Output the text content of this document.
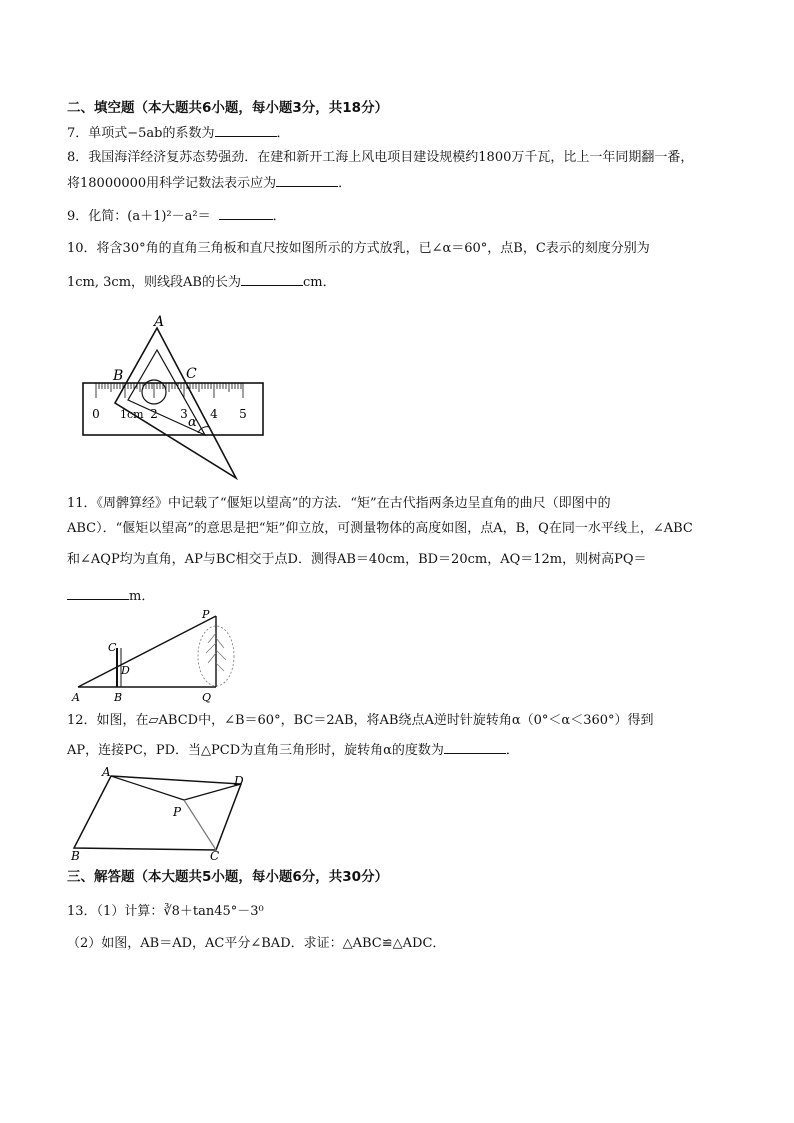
二、填空题（本大题共6小题，每小题3分，共18分）
7．单项式−5ab的系数为	．
8．我国海洋经济复苏态势强劲．在建和新开工海上风电项目建设规模约1800万千瓦，比上一年同期翻一番，
将18000000用科学记数法表示应为	．
9．化简：(a＋1)²－a²＝	．
10．将含30°角的直角三角板和直尺按如图所示的方式放乳，已∠α＝60°，点B，C表示的刻度分别为
1cm, 3cm，则线段AB的长为	cm．
0	2 3 4 5
1cm
A
B	C
α
11．《周髀算经》中记载了“偃矩以望高”的方法．“矩”在古代指两条边呈直角的曲尺（即图中的
ABC）．“偃矩以望高”的意思是把“矩”仰立放，可测量物体的高度如图，点A，B，Q在同一水平线上，∠ABC
和∠AQP均为直角，AP与BC相交于点D．测得AB＝40cm，BD＝20cm，AQ＝12m，则树高PQ＝
m．
A	B
C
D
P
Q
12．如图，在▱ABCD中，∠B＝60°，BC＝2AB，将AB绕点A逆时针旋转角α（0°＜α＜360°）得到
AP，连接PC，PD．当△PCD为直角三角形时，旋转角α的度数为	．
A
D
P
B	C
三、解答题（本大题共5小题，每小题6分，共30分）
13．（1）计算：∛8＋tan45°－3⁰
（2）如图，AB＝AD，AC平分∠BAD．求证：△ABC≌△ADC．
